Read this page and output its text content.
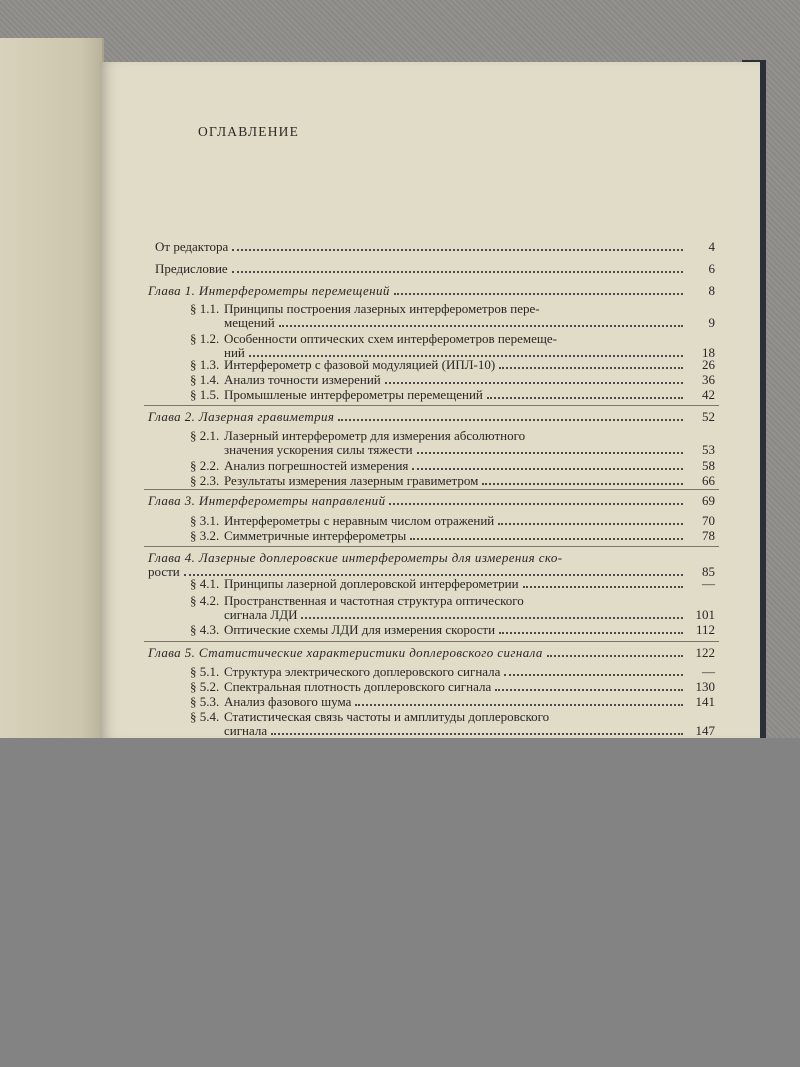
ОГЛАВЛЕНИЕ
От редактора	4
Предисловие	6
Глава 1. Интерферометры перемещений	8
§ 1.1. Принципы построения лазерных интерферометров пере-
мещений	9
§ 1.2. Особенности оптических схем интерферометров перемеще-
ний	18
§ 1.3. Интерферометр с фазовой модуляцией (ИПЛ-10)	26
§ 1.4. Анализ точности измерений	36
§ 1.5. Промышленые интерферометры перемещений	42
Глава 2. Лазерная гравиметрия	52
§ 2.1. Лазерный интерферометр для измерения абсолютного
значения ускорения силы тяжести	53
§ 2.2. Анализ погрешностей измерения	58
§ 2.3. Результаты измерения лазерным гравиметром	66
Глава 3. Интерферометры направлений	69
§ 3.1. Интерферометры с неравным числом отражений	70
§ 3.2. Симметричные интерферометры	78
Глава 4. Лазерные доплеровские интерферометры для измерения ско-
рости	85
§ 4.1. Принципы лазерной доплеровской интерферометрии	—
§ 4.2. Пространственная и частотная структура оптического
сигнала ЛДИ	101
§ 4.3. Оптические схемы ЛДИ для измерения скорости	112
Глава 5. Статистические характеристики доплеровского сигнала	122
§ 5.1. Структура электрического доплеровского сигнала	—
§ 5.2. Спектральная плотность доплеровского сигнала	130
§ 5.3. Анализ фазового шума	141
§ 5.4. Статистическая связь частоты и амплитуды доплеровского
сигнала	147
